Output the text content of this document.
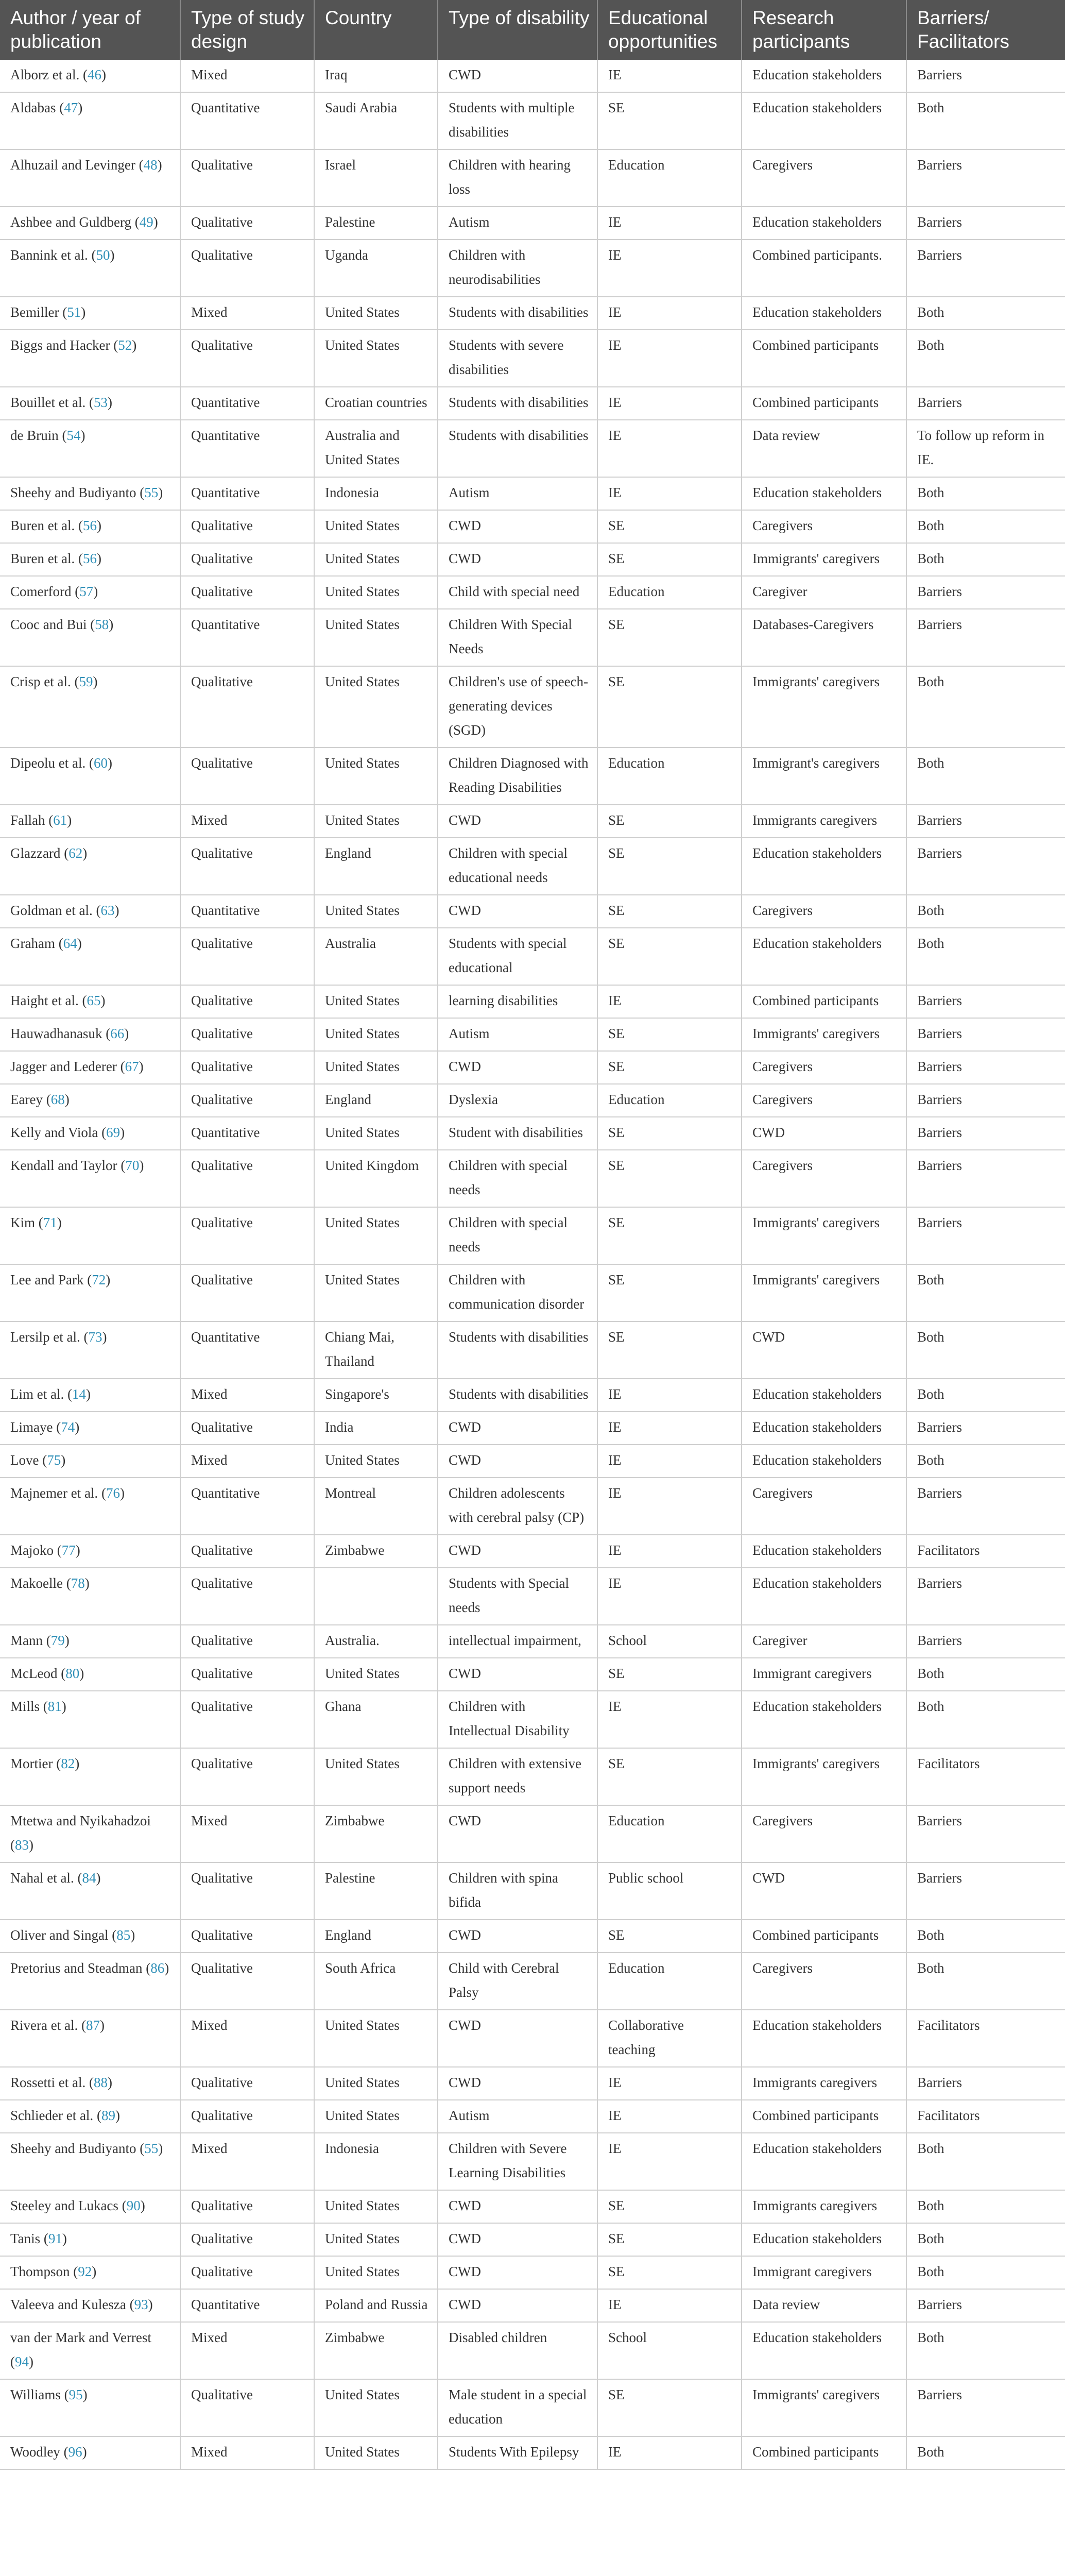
Author / year of publication	Type of study design	Country	Type of disability	Educational opportunities	Research participants	Barriers/ Facilitators
Alborz et al. (46)	Mixed	Iraq	CWD	IE	Education stakeholders	Barriers
Aldabas (47)	Quantitative	Saudi Arabia	Students with multiple disabilities	SE	Education stakeholders	Both
Alhuzail and Levinger (48)	Qualitative	Israel	Children with hearing loss	Education	Caregivers	Barriers
Ashbee and Guldberg (49)	Qualitative	Palestine	Autism	IE	Education stakeholders	Barriers
Bannink et al. (50)	Qualitative	Uganda	Children with neurodisabilities	IE	Combined participants.	Barriers
Bemiller (51)	Mixed	United States	Students with disabilities	IE	Education stakeholders	Both
Biggs and Hacker (52)	Qualitative	United States	Students with severe disabilities	IE	Combined participants	Both
Bouillet et al. (53)	Quantitative	Croatian countries	Students with disabilities	IE	Combined participants	Barriers
de Bruin (54)	Quantitative	Australia and United States	Students with disabilities	IE	Data review	To follow up reform in IE.
Sheehy and Budiyanto (55)	Quantitative	Indonesia	Autism	IE	Education stakeholders	Both
Buren et al. (56)	Qualitative	United States	CWD	SE	Caregivers	Both
Buren et al. (56)	Qualitative	United States	CWD	SE	Immigrants' caregivers	Both
Comerford (57)	Qualitative	United States	Child with special need	Education	Caregiver	Barriers
Cooc and Bui (58)	Quantitative	United States	Children With Special Needs	SE	Databases-Caregivers	Barriers
Crisp et al. (59)	Qualitative	United States	Children's use of speech-generating devices (SGD)	SE	Immigrants' caregivers	Both
Dipeolu et al. (60)	Qualitative	United States	Children Diagnosed with Reading Disabilities	Education	Immigrant's caregivers	Both
Fallah (61)	Mixed	United States	CWD	SE	Immigrants caregivers	Barriers
Glazzard (62)	Qualitative	England	Children with special educational needs	SE	Education stakeholders	Barriers
Goldman et al. (63)	Quantitative	United States	CWD	SE	Caregivers	Both
Graham (64)	Qualitative	Australia	Students with special educational	SE	Education stakeholders	Both
Haight et al. (65)	Qualitative	United States	learning disabilities	IE	Combined participants	Barriers
Hauwadhanasuk (66)	Qualitative	United States	Autism	SE	Immigrants' caregivers	Barriers
Jagger and Lederer (67)	Qualitative	United States	CWD	SE	Caregivers	Barriers
Earey (68)	Qualitative	England	Dyslexia	Education	Caregivers	Barriers
Kelly and Viola (69)	Quantitative	United States	Student with disabilities	SE	CWD	Barriers
Kendall and Taylor (70)	Qualitative	United Kingdom	Children with special needs	SE	Caregivers	Barriers
Kim (71)	Qualitative	United States	Children with special needs	SE	Immigrants' caregivers	Barriers
Lee and Park (72)	Qualitative	United States	Children with communication disorder	SE	Immigrants' caregivers	Both
Lersilp et al. (73)	Quantitative	Chiang Mai, Thailand	Students with disabilities	SE	CWD	Both
Lim et al. (14)	Mixed	Singapore's	Students with disabilities	IE	Education stakeholders	Both
Limaye (74)	Qualitative	India	CWD	IE	Education stakeholders	Barriers
Love (75)	Mixed	United States	CWD	IE	Education stakeholders	Both
Majnemer et al. (76)	Quantitative	Montreal	Children adolescents with cerebral palsy (CP)	IE	Caregivers	Barriers
Majoko (77)	Qualitative	Zimbabwe	CWD	IE	Education stakeholders	Facilitators
Makoelle (78)	Qualitative		Students with Special needs	IE	Education stakeholders	Barriers
Mann (79)	Qualitative	Australia.	intellectual impairment,	School	Caregiver	Barriers
McLeod (80)	Qualitative	United States	CWD	SE	Immigrant caregivers	Both
Mills (81)	Qualitative	Ghana	Children with Intellectual Disability	IE	Education stakeholders	Both
Mortier (82)	Qualitative	United States	Children with extensive support needs	SE	Immigrants' caregivers	Facilitators
Mtetwa and Nyikahadzoi (83)	Mixed	Zimbabwe	CWD	Education	Caregivers	Barriers
Nahal et al. (84)	Qualitative	Palestine	Children with spina bifida	Public school	CWD	Barriers
Oliver and Singal (85)	Qualitative	England	CWD	SE	Combined participants	Both
Pretorius and Steadman (86)	Qualitative	South Africa	Child with Cerebral Palsy	Education	Caregivers	Both
Rivera et al. (87)	Mixed	United States	CWD	Collaborative teaching	Education stakeholders	Facilitators
Rossetti et al. (88)	Qualitative	United States	CWD	IE	Immigrants caregivers	Barriers
Schlieder et al. (89)	Qualitative	United States	Autism	IE	Combined participants	Facilitators
Sheehy and Budiyanto (55)	Mixed	Indonesia	Children with Severe Learning Disabilities	IE	Education stakeholders	Both
Steeley and Lukacs (90)	Qualitative	United States	CWD	SE	Immigrants caregivers	Both
Tanis (91)	Qualitative	United States	CWD	SE	Education stakeholders	Both
Thompson (92)	Qualitative	United States	CWD	SE	Immigrant caregivers	Both
Valeeva and Kulesza (93)	Quantitative	Poland and Russia	CWD	IE	Data review	Barriers
van der Mark and Verrest (94)	Mixed	Zimbabwe	Disabled children	School	Education stakeholders	Both
Williams (95)	Qualitative	United States	Male student in a special education	SE	Immigrants' caregivers	Barriers
Woodley (96)	Mixed	United States	Students With Epilepsy	IE	Combined participants	Both
